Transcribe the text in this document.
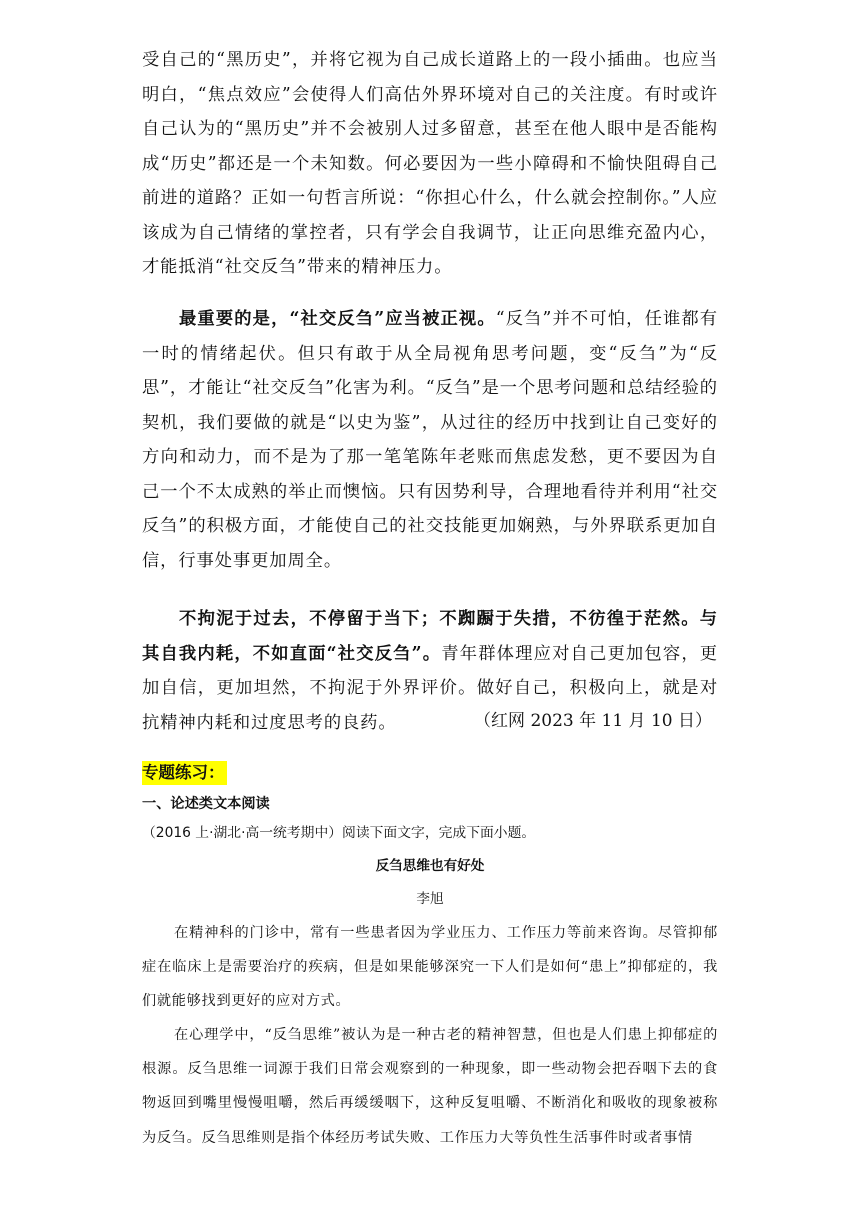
受自己的“黑历史”，并将它视为自己成长道路上的一段小插曲。也应当明白，“焦点效应”会使得人们高估外界环境对自己的关注度。有时或许自己认为的“黑历史”并不会被别人过多留意，甚至在他人眼中是否能构成“历史”都还是一个未知数。何必要因为一些小障碍和不愉快阻碍自己前进的道路？正如一句哲言所说：“你担心什么，什么就会控制你。”人应该成为自己情绪的掌控者，只有学会自我调节，让正向思维充盈内心，才能抵消“社交反刍”带来的精神压力。

最重要的是，“社交反刍”应当被正视。“反刍”并不可怕，任谁都有一时的情绪起伏。但只有敢于从全局视角思考问题，变“反刍”为“反思”，才能让“社交反刍”化害为利。“反刍”是一个思考问题和总结经验的契机，我们要做的就是“以史为鉴”，从过往的经历中找到让自己变好的方向和动力，而不是为了那一笔笔陈年老账而焦虑发愁，更不要因为自己一个不太成熟的举止而懊恼。只有因势利导，合理地看待并利用“社交反刍”的积极方面，才能使自己的社交技能更加娴熟，与外界联系更加自信，行事处事更加周全。

不拘泥于过去，不停留于当下；不踟蹰于失措，不彷徨于茫然。与其自我内耗，不如直面“社交反刍”。青年群体理应对自己更加包容，更加自信，更加坦然，不拘泥于外界评价。做好自己，积极向上，就是对抗精神内耗和过度思考的良药。	（红网 2023 年 11 月 10 日）

专题练习：

一、论述类文本阅读

（2016 上·湖北·高一统考期中）阅读下面文字，完成下面小题。

反刍思维也有好处

李旭

在精神科的门诊中，常有一些患者因为学业压力、工作压力等前来咨询。尽管抑郁症在临床上是需要治疗的疾病，但是如果能够深究一下人们是如何“患上”抑郁症的，我们就能够找到更好的应对方式。

在心理学中，“反刍思维”被认为是一种古老的精神智慧，但也是人们患上抑郁症的根源。反刍思维一词源于我们日常会观察到的一种现象，即一些动物会把吞咽下去的食物返回到嘴里慢慢咀嚼，然后再缓缓咽下，这种反复咀嚼、不断消化和吸收的现象被称为反刍。反刍思维则是指个体经历考试失败、工作压力大等负性生活事件时或者事情
